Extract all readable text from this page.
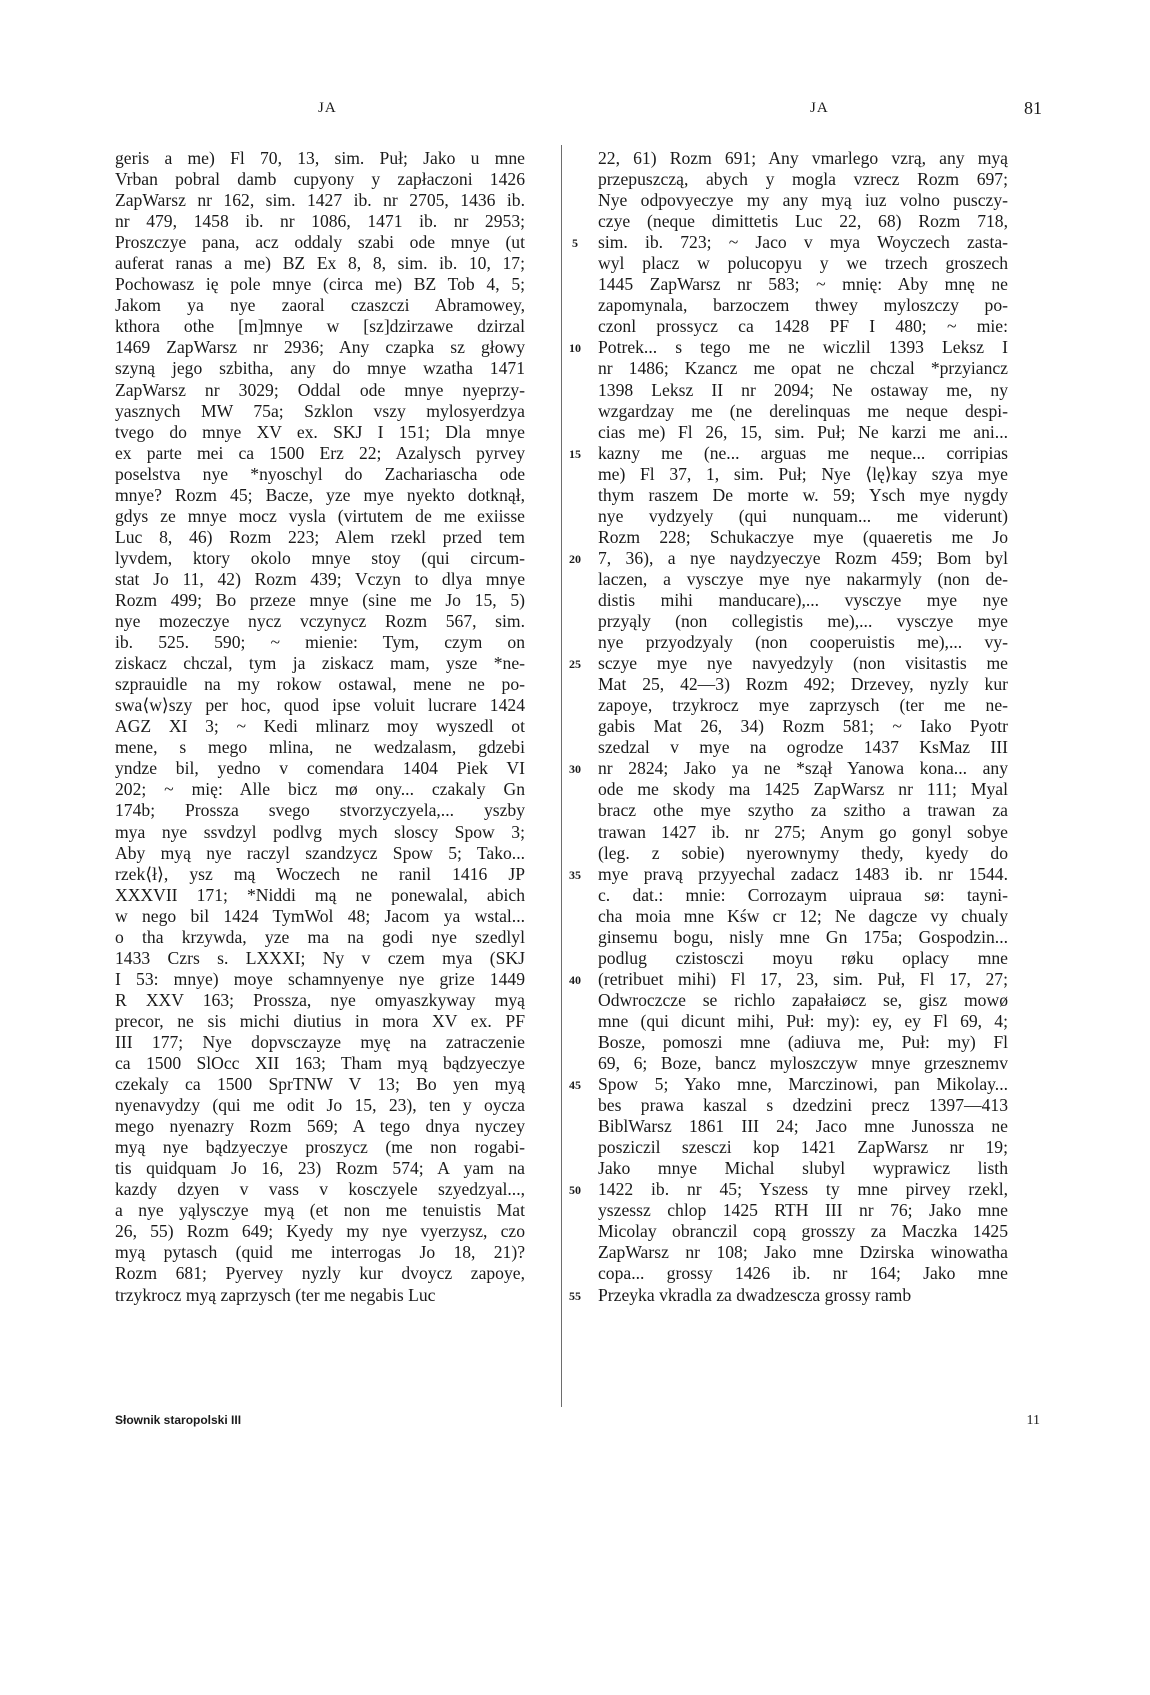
JA	JA	81
geris a me) Fl 70, 13, sim. Puł; Jako u mne
Vrban pobral damb cupyony y zapłaczoni 1426
ZapWarsz nr 162, sim. 1427 ib. nr 2705, 1436 ib.
nr 479, 1458 ib. nr 1086, 1471 ib. nr 2953;
Proszczye pana, acz oddaly szabi ode mnye (ut
auferat ranas a me) BZ Ex 8, 8, sim. ib. 10, 17;
Pochowasz ię pole mnye (circa me) BZ Tob 4, 5;
Jakom ya nye zaoral czaszczi Abramowey,
kthora othe [m]mnye w [sz]dzirzawe dzirzal
1469 ZapWarsz nr 2936; Any czapka sz głowy
szyną jego szbitha, any do mnye wzatha 1471
ZapWarsz nr 3029; Oddal ode mnye nyeprzy-
yasznych MW 75a; Szklon vszy mylosyerdzya
tvego do mnye XV ex. SKJ I 151; Dla mnye
ex parte mei ca 1500 Erz 22; Azalysch pyrvey
poselstva nye *nyoschyl do Zachariascha ode
mnye? Rozm 45; Bacze, yze mye nyekto dotknął,
gdys ze mnye mocz vysla (virtutem de me exiisse
Luc 8, 46) Rozm 223; Alem rzekl przed tem
lyvdem, ktory okolo mnye stoy (qui circum-
stat Jo 11, 42) Rozm 439; Vczyn to dlya mnye
Rozm 499; Bo przeze mnye (sine me Jo 15, 5)
nye mozeczye nycz vczynycz Rozm 567, sim.
ib. 525. 590; ~ mienie: Tym, czym on
ziskacz chczal, tym ja ziskacz mam, ysze *ne-
szprauidle na my rokow ostawal, mene ne po-
swa⟨w⟩szy per hoc, quod ipse voluit lucrare 1424
AGZ XI 3; ~ Kedi mlinarz moy wyszedl ot
mene, s mego mlina, ne wedzalasm, gdzebi
yndze bil, yedno v comendara 1404 Piek VI
202; ~ mię: Alle bicz mø ony... czakaly Gn
174b; Prossza svego stvorzyczyela,... yszby
mya nye ssvdzyl podlvg mych sloscy Spow 3;
Aby myą nye raczyl szandzycz Spow 5; Tako...
rzek⟨ł⟩, ysz mą Woczech ne ranil 1416 JP
XXXVII 171; *Niddi mą ne ponewalal, abich
w nego bil 1424 TymWol 48; Jacom ya wstal...
o tha krzywda, yze ma na godi nye szedlyl
1433 Czrs s. LXXXI; Ny v czem mya (SKJ
I 53: mnye) moye schamnyenye nye grize 1449
R XXV 163; Prossza, nye omyaszkyway myą
precor, ne sis michi diutius in mora XV ex. PF
III 177; Nye dopvsczayze myę na zatraczenie
ca 1500 SlOcc XII 163; Tham myą bądzyeczye
czekaly ca 1500 SprTNW V 13; Bo yen myą
nyenavydzy (qui me odit Jo 15, 23), ten y oycza
mego nyenazry Rozm 569; A tego dnya nyczey
myą nye bądzyeczye proszycz (me non rogabi-
tis quidquam Jo 16, 23) Rozm 574; A yam na
kazdy dzyen v vass v kosczyele szyedzyal...,
a nye yąlysczye myą (et non me tenuistis Mat
26, 55) Rozm 649; Kyedy my nye vyerzysz, czo
myą pytasch (quid me interrogas Jo 18, 21)?
Rozm 681; Pyervey nyzly kur dvoycz zapoye,
trzykrocz myą zaprzysch (ter me negabis Luc
5
10
15
20
25
30
35
40
45
50
55
22, 61) Rozm 691; Any vmarlego vzrą, any myą
przepuszczą, abych y mogla vzrecz Rozm 697;
Nye odpovyeczye my any myą iuz volno pusczy-
czye (neque dimittetis Luc 22, 68) Rozm 718,
sim. ib. 723; ~ Jaco v mya Woyczech zasta-
wyl placz w polucopyu y we trzech groszech
1445 ZapWarsz nr 583; ~ mnię: Aby mnę ne
zapomynala, barzoczem thwey myloszczy po-
czonl prossycz ca 1428 PF I 480; ~ mie:
Potrek... s tego me ne wiczlil 1393 Leksz I
nr 1486; Kzancz me opat ne chczal *przyiancz
1398 Leksz II nr 2094; Ne ostaway me, ny
wzgardzay me (ne derelinquas me neque despi-
cias me) Fl 26, 15, sim. Puł; Ne karzi me ani...
kazny me (ne... arguas me neque... corripias
me) Fl 37, 1, sim. Puł; Nye ⟨lę⟩kay szya mye
thym raszem De morte w. 59; Ysch mye nygdy
nye vydzyely (qui nunquam... me viderunt)
Rozm 228; Schukaczye mye (quaeretis me Jo
7, 36), a nye naydzyeczye Rozm 459; Bom byl
laczen, a vysczye mye nye nakarmyly (non de-
distis mihi manducare),... vysczye mye nye
przyąly (non collegistis me),... vysczye mye
nye przyodzyaly (non cooperuistis me),... vy-
sczye mye nye navyedzyly (non visitastis me
Mat 25, 42—3) Rozm 492; Drzevey, nyzly kur
zapoye, trzykrocz mye zaprzysch (ter me ne-
gabis Mat 26, 34) Rozm 581; ~ Iako Pyotr
szedzal v mye na ogrodze 1437 KsMaz III
nr 2824; Jako ya ne *szął Yanowa kona... any
ode me skody ma 1425 ZapWarsz nr 111; Myal
bracz othe mye szytho za szitho a trawan za
trawan 1427 ib. nr 275; Anym go gonyl sobye
(leg. z sobie) nyerownymy thedy, kyedy do
mye pravą przyyechal zadacz 1483 ib. nr 1544.
c. dat.: mnie: Corrozaym uipraua sø: tayni-
cha moia mne Kśw cr 12; Ne dagcze vy chualy
ginsemu bogu, nisly mne Gn 175a; Gospodzin...
podlug czistosczi moyu røku oplacy mne
(retribuet mihi) Fl 17, 23, sim. Puł, Fl 17, 27;
Odwroczcze se richlo zapałaiøcz se, gisz mowø
mne (qui dicunt mihi, Puł: my): ey, ey Fl 69, 4;
Bosze, pomoszi mne (adiuva me, Puł: my) Fl
69, 6; Boze, bancz myloszczyw mnye grzesznemv
Spow 5; Yako mne, Marczinowi, pan Mikolay...
bes prawa kaszal s dzedzini precz 1397—413
BiblWarsz 1861 III 24; Jaco mne Junossza ne
posziczil szesczi kop 1421 ZapWarsz nr 19;
Jako mnye Michal slubyl wyprawicz listh
1422 ib. nr 45; Yszess ty mne pirvey rzekl,
yszessz chlop 1425 RTH III nr 76; Jako mne
Micolay obranczil copą grosszy za Maczka 1425
ZapWarsz nr 108; Jako mne Dzirska winowatha
copa... grossy 1426 ib. nr 164; Jako mne
Przeyka vkradla za dwadzescza grossy ramb
Słownik staropolski III	11
